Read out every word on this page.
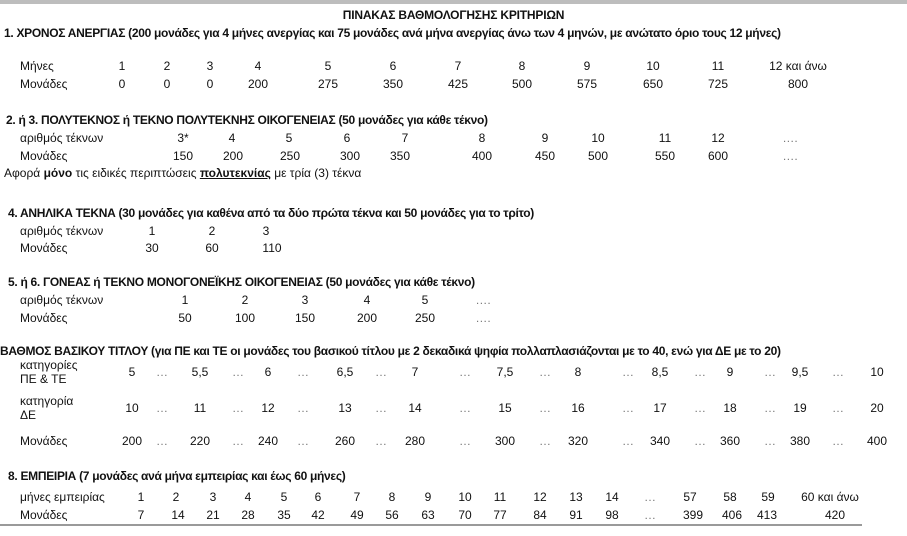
ΠΙΝΑΚΑΣ ΒΑΘΜΟΛΟΓΗΣΗΣ ΚΡΙΤΗΡΙΩΝ
1. ΧΡΟΝΟΣ ΑΝΕΡΓΙΑΣ (200 μονάδες για 4 μήνες ανεργίας και 75 μονάδες ανά μήνα ανεργίας άνω των 4 μηνών, με ανώτατο όριο τους 12 μήνες)
Μήνες	1	2	3	4	5	6	7	8	9	10	11	12 και άνω
Μονάδες	0	0	0	200	275	350	425	500	575	650	725	800
2. ή 3. ΠΟΛΥΤΕΚΝΟΣ ή ΤΕΚΝΟ ΠΟΛΥΤΕΚΝΗΣ ΟΙΚΟΓΕΝΕΙΑΣ (50 μονάδες για κάθε τέκνο)
αριθμός τέκνων	3*	4	5	6	7	8	9	10	11	12	….
Μονάδες	150 200	250	300 350	400	450	500	550	600	….
Αφορά μόνο τις ειδικές περιπτώσεις πολυτεκνίας με τρία (3) τέκνα
4. ΑΝΗΛΙΚΑ ΤΕΚΝΑ (30 μονάδες για καθένα από τα δύο πρώτα τέκνα και 50 μονάδες για το τρίτο)
αριθμός τέκνων	1	2	3
Μονάδες	30	60	110
5. ή 6. ΓΟΝΕΑΣ ή ΤΕΚΝΟ ΜΟΝΟΓΟΝΕΪΚΗΣ ΟΙΚΟΓΕΝΕΙΑΣ (50 μονάδες για κάθε τέκνο)
αριθμός τέκνων	1	2	3	4	5	….
Μονάδες	50	100	150	200	250	….
ΒΑΘΜΟΣ ΒΑΣΙΚΟΥ ΤΙΤΛΟΥ (για ΠΕ και ΤΕ οι μονάδες του βασικού τίτλου με 2 δεκαδικά ψηφία πολλαπλασιάζονται με το 40, ενώ για ΔΕ με το 20)
κατηγορίες
ΠΕ & ΤΕ	5 … 5,5 … 6 … 6,5 … 7	… 7,5 … 8	… 8,5 … 9	… 9,5 … 10
κατηγορία
ΔΕ	10 … 11 … 12 … 13 … 14	… 15 … 16	… 17 … 18 … 19 … 20
Μονάδες	200 … 220 … 240 … 260 … 280	… 300 … 320	… 340 … 360 … 380 … 400
8. ΕΜΠΕΙΡΙΑ (7 μονάδες ανά μήνα εμπειρίας και έως 60 μήνες)
μήνες εμπειρίας	1 2	3 4 5 6	7 8 9 10 11 12 13 14 … 57 58 59 60 και άνω
Μονάδες	7 14 21 28 35 42 49 56 63 70 77 84 91 98 … 399 406 413	420
